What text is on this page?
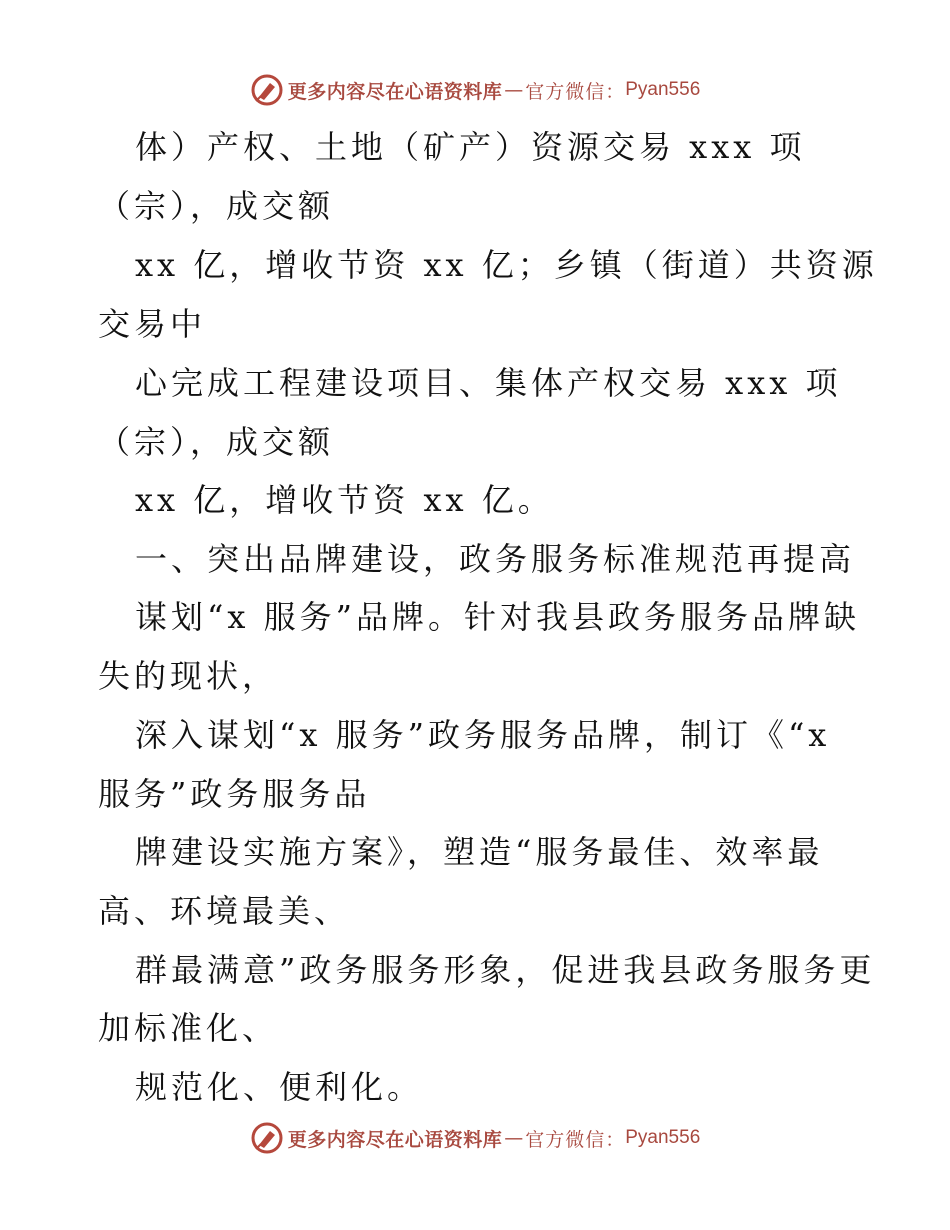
更多内容尽在心语资料库 — 官方微信： Pyan556
体）产权、土地（矿产）资源交易 xxx 项
（宗），成交额
xx 亿，增收节资 xx 亿；乡镇（街道）共资源
交易中
心完成工程建设项目、集体产权交易 xxx 项
（宗），成交额
xx 亿，增收节资 xx 亿。
一、突出品牌建设，政务服务标准规范再提高
谋划“x 服务”品牌。针对我县政务服务品牌缺
失的现状，
深入谋划“x 服务”政务服务品牌，制订《“x
服务”政务服务品
牌建设实施方案》，塑造“服务最佳、效率最
高、环境最美、
群最满意”政务服务形象，促进我县政务服务更
加标准化、
规范化、便利化。
更多内容尽在心语资料库 — 官方微信： Pyan556
